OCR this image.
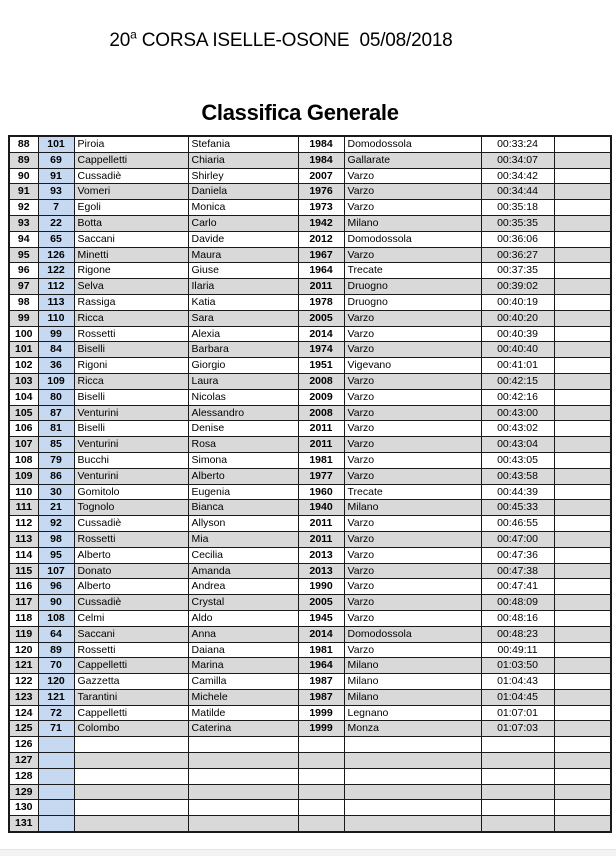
20$^a$ CORSA ISELLE-OSONE  05/08/2018
Classifica Generale
88	101	Piroia	Stefania	1984	Domodossola	00:33:24	
89	69	Cappelletti	Chiaria	1984	Gallarate	00:34:07	
90	91	Cussadiè	Shirley	2007	Varzo	00:34:42	
91	93	Vomeri	Daniela	1976	Varzo	00:34:44	
92	7	Egoli	Monica	1973	Varzo	00:35:18	
93	22	Botta	Carlo	1942	Milano	00:35:35	
94	65	Saccani	Davide	2012	Domodossola	00:36:06	
95	126	Minetti	Maura	1967	Varzo	00:36:27	
96	122	Rigone	Giuse	1964	Trecate	00:37:35	
97	112	Selva	Ilaria	2011	Druogno	00:39:02	
98	113	Rassiga	Katia	1978	Druogno	00:40:19	
99	110	Ricca	Sara	2005	Varzo	00:40:20	
100	99	Rossetti	Alexia	2014	Varzo	00:40:39	
101	84	Biselli	Barbara	1974	Varzo	00:40:40	
102	36	Rigoni	Giorgio	1951	Vigevano	00:41:01	
103	109	Ricca	Laura	2008	Varzo	00:42:15	
104	80	Biselli	Nicolas	2009	Varzo	00:42:16	
105	87	Venturini	Alessandro	2008	Varzo	00:43:00	
106	81	Biselli	Denise	2011	Varzo	00:43:02	
107	85	Venturini	Rosa	2011	Varzo	00:43:04	
108	79	Bucchi	Simona	1981	Varzo	00:43:05	
109	86	Venturini	Alberto	1977	Varzo	00:43:58	
110	30	Gomitolo	Eugenia	1960	Trecate	00:44:39	
111	21	Tognolo	Bianca	1940	Milano	00:45:33	
112	92	Cussadiè	Allyson	2011	Varzo	00:46:55	
113	98	Rossetti	Mia	2011	Varzo	00:47:00	
114	95	Alberto	Cecilia	2013	Varzo	00:47:36	
115	107	Donato	Amanda	2013	Varzo	00:47:38	
116	96	Alberto	Andrea	1990	Varzo	00:47:41	
117	90	Cussadiè	Crystal	2005	Varzo	00:48:09	
118	108	Celmi	Aldo	1945	Varzo	00:48:16	
119	64	Saccani	Anna	2014	Domodossola	00:48:23	
120	89	Rossetti	Daiana	1981	Varzo	00:49:11	
121	70	Cappelletti	Marina	1964	Milano	01:03:50	
122	120	Gazzetta	Camilla	1987	Milano	01:04:43	
123	121	Tarantini	Michele	1987	Milano	01:04:45	
124	72	Cappelletti	Matilde	1999	Legnano	01:07:01	
125	71	Colombo	Caterina	1999	Monza	01:07:03	
126							
127							
128							
129							
130							
131							
